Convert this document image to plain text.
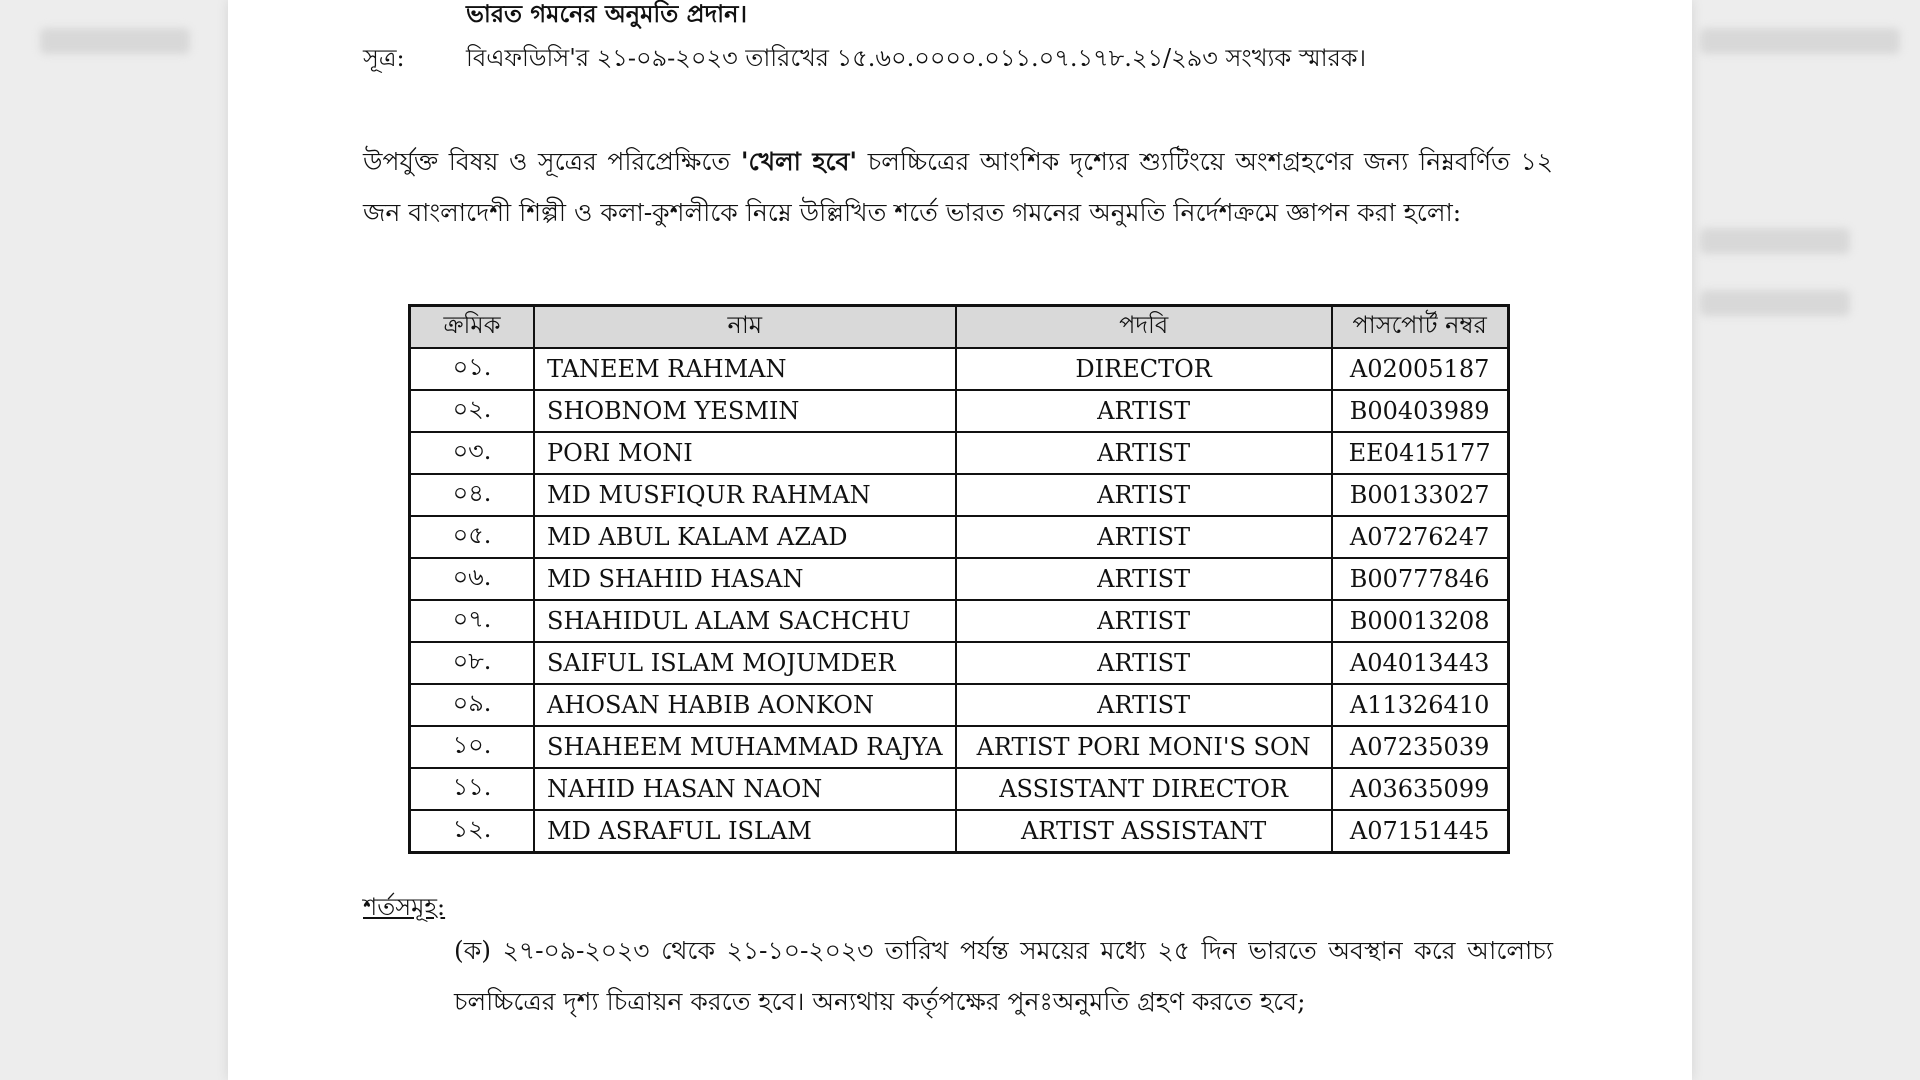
ভারত গমনের অনুমতি প্রদান।
সূত্র:	বিএফডিসি'র ২১-০৯-২০২৩ তারিখের ১৫.৬০.০০০০.০১১.০৭.১৭৮.২১/২৯৩ সংখ্যক স্মারক।
উপর্যুক্ত বিষয় ও সূত্রের পরিপ্রেক্ষিতে 'খেলা হবে' চলচ্চিত্রের আংশিক দৃশ্যের শ্যুটিংয়ে অংশগ্রহণের জন্য নিম্নবর্ণিত ১২ জন বাংলাদেশী শিল্পী ও কলা-কুশলীকে নিম্নে উল্লিখিত শর্তে ভারত গমনের অনুমতি নির্দেশক্রমে জ্ঞাপন করা হলো:
ক্রমিক	নাম	পদবি	পাসপোর্ট নম্বর
০১.	TANEEM RAHMAN	DIRECTOR	A02005187
০২.	SHOBNOM YESMIN	ARTIST	B00403989
০৩.	PORI MONI	ARTIST	EE0415177
০৪.	MD MUSFIQUR RAHMAN	ARTIST	B00133027
০৫.	MD ABUL KALAM AZAD	ARTIST	A07276247
০৬.	MD SHAHID HASAN	ARTIST	B00777846
০৭.	SHAHIDUL ALAM SACHCHU	ARTIST	B00013208
০৮.	SAIFUL ISLAM MOJUMDER	ARTIST	A04013443
০৯.	AHOSAN HABIB AONKON	ARTIST	A11326410
১০.	SHAHEEM MUHAMMAD RAJYA	ARTIST PORI MONI'S SON	A07235039
১১.	NAHID HASAN NAON	ASSISTANT DIRECTOR	A03635099
১২.	MD ASRAFUL ISLAM	ARTIST ASSISTANT	A07151445
শর্তসমূহ:
(ক) ২৭-০৯-২০২৩ থেকে ২১-১০-২০২৩ তারিখ পর্যন্ত সময়ের মধ্যে ২৫ দিন ভারতে অবস্থান করে আলোচ্য চলচ্চিত্রের দৃশ্য চিত্রায়ন করতে হবে। অন্যথায় কর্তৃপক্ষের পুনঃঅনুমতি গ্রহণ করতে হবে;
